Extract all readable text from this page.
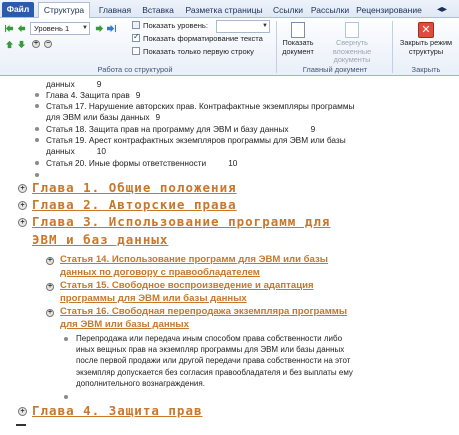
Файл	Структура	Главная	Вставка	Разметка страницы	Ссылки Рассылки Рецензирование	◂▸
Уровень 1 ▼
+ −
Показать уровень:	▼
✓Показать форматирование текста
Показать только первую строку
Работа со структурой
Показать документ
Свернуть вложенные документы
Главный документ
✕
Закрыть режим структуры
Закрыть
данных	9
Глава 4. Защита прав 9
Статья 17. Нарушение авторских прав. Контрафактные экземпляры программы
для ЭВМ или базы данных 9
Статья 18. Защита прав на программу для ЭВМ и базу данных	9
Статья 19. Арест контрафактных экземпляров программы для ЭВМ или базы
данных	10
Статья 20. Иные формы ответственности	10
+ Глава 1. Общие положения
+ Глава 2. Авторские права
+ Глава 3. Использование программ для
ЭВМ и баз данных
+ Статья 14. Использование программ для ЭВМ или базы
данных по договору с правообладателем
+ Статья 15. Свободное воспроизведение и адаптация
программы для ЭВМ или базы данных
+ Статья 16. Свободная перепродажа экземпляра программы
для ЭВМ или базы данных
Перепродажа или передача иным способом права собственности либо
иных вещных прав на экземпляр программы для ЭВМ или базы данных
после первой продажи или другой передачи права собственности на этот
экземпляр допускается без согласия правообладателя и без выплаты ему
дополнительного вознаграждения.
+ Глава 4. Защита прав
